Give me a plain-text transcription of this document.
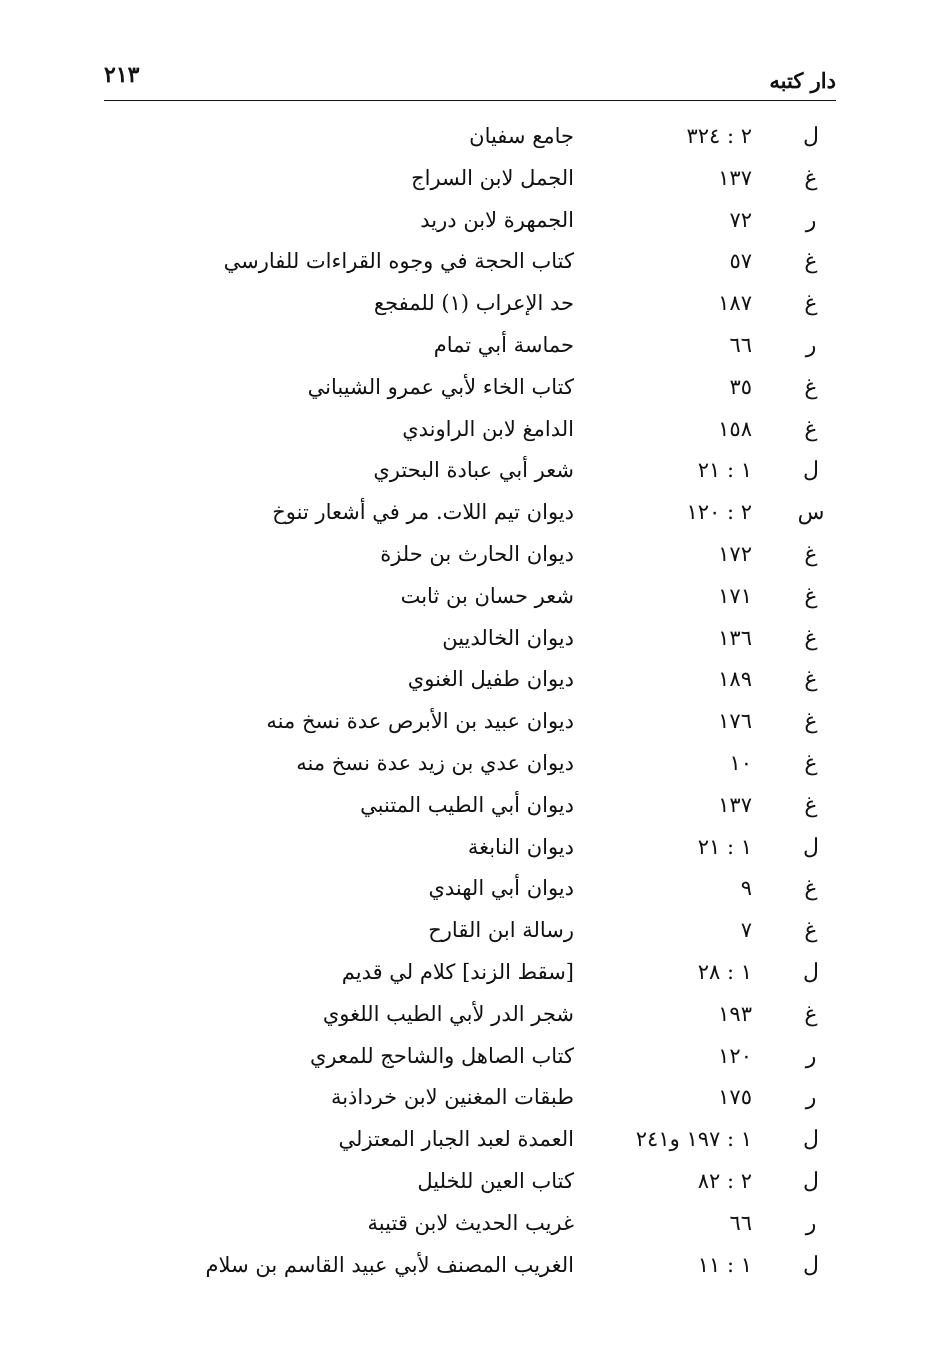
دار كتبه
٢١٣
ل
٢ : ٣٢٤
جامع سفيان
غ
١٣٧
الجمل لابن السراج
ر
٧٢
الجمهرة لابن دريد
غ
٥٧
كتاب الحجة في وجوه القراءات للفارسي
غ
١٨٧
حد الإعراب (١) للمفجع
ر
٦٦
حماسة أبي تمام
غ
٣٥
كتاب الخاء لأبي عمرو الشيباني
غ
١٥٨
الدامغ لابن الراوندي
ل
١ : ٢١
شعر أبي عبادة البحتري
س
٢ : ١٢٠
ديوان تيم اللات. مر في أشعار تنوخ
غ
١٧٢
ديوان الحارث بن حلزة
غ
١٧١
شعر حسان بن ثابت
غ
١٣٦
ديوان الخالديين
غ
١٨٩
ديوان طفيل الغنوي
غ
١٧٦
ديوان عبيد بن الأبرص عدة نسخ منه
غ
١٠
ديوان عدي بن زيد عدة نسخ منه
غ
١٣٧
ديوان أبي الطيب المتنبي
ل
١ : ٢١
ديوان النابغة
غ
٩
ديوان أبي الهندي
غ
٧
رسالة ابن القارح
ل
١ : ٢٨
[سقط الزند] كلام لي قديم
غ
١٩٣
شجر الدر لأبي الطيب اللغوي
ر
١٢٠
كتاب الصاهل والشاحج للمعري
ر
١٧٥
طبقات المغنين لابن خرداذبة
ل
١ : ١٩٧ و٢٤١
العمدة لعبد الجبار المعتزلي
ل
٢ : ٨٢
كتاب العين للخليل
ر
٦٦
غريب الحديث لابن قتيبة
ل
١ : ١١
الغريب المصنف لأبي عبيد القاسم بن سلام
